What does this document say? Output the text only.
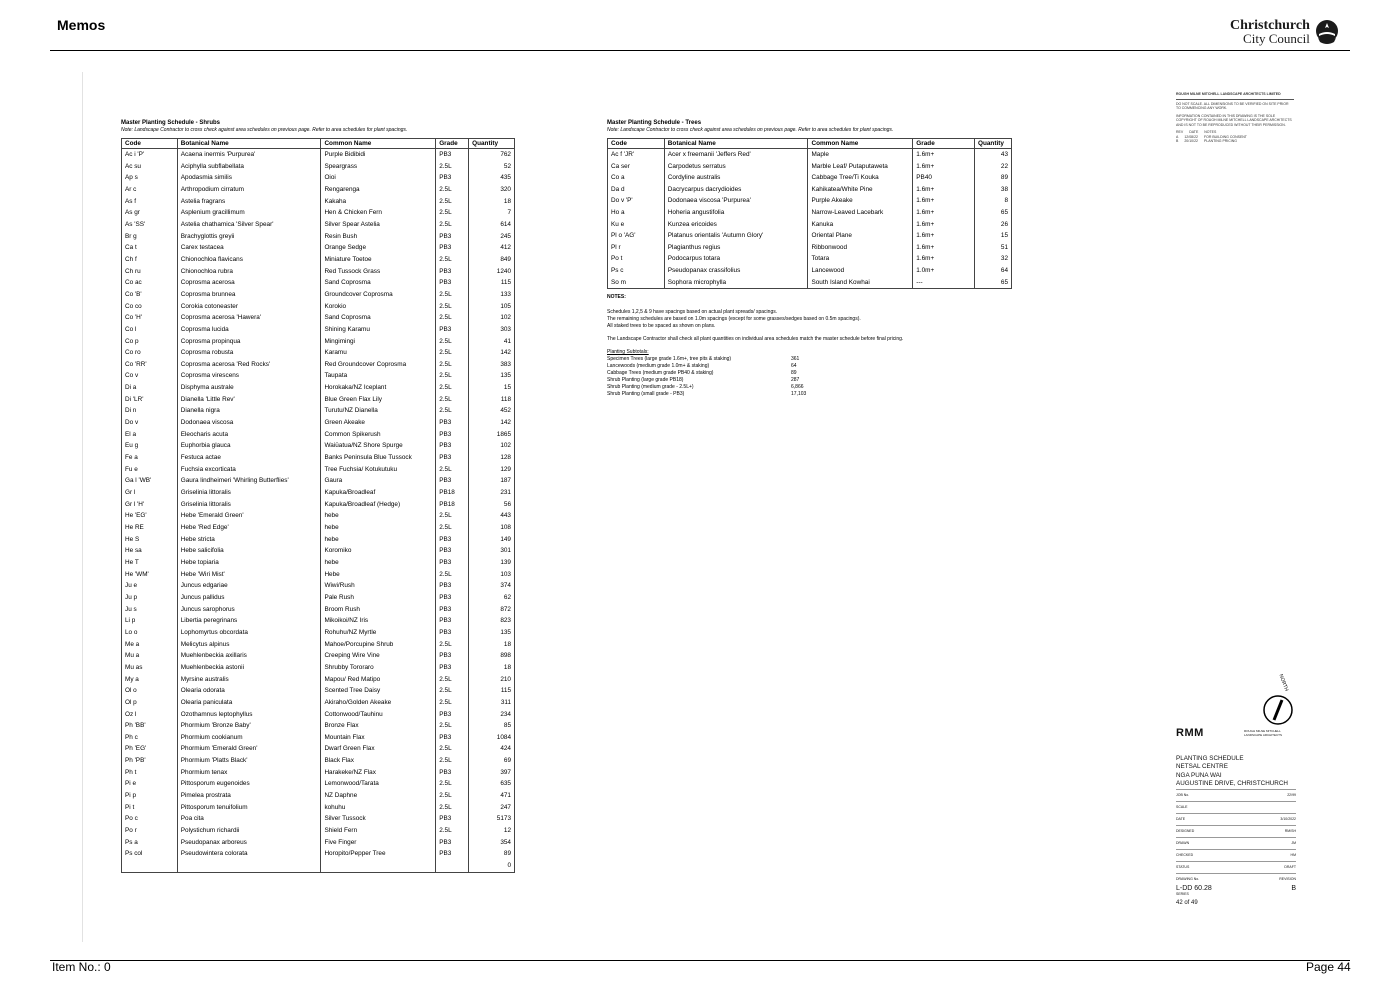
Memos	Christchurch
City Council
Master Planting Schedule - Shrubs
Note: Landscape Contractor to cross check against area schedules on previous page. Refer to area schedules for plant spacings.
Code	Botanical Name	Common Name	Grade	Quantity
Ac i 'P'	Acaena inermis 'Purpurea'	Purple Bidibidi	PB3	762
Ac su	Aciphylla subflabellata	Speargrass	2.5L	52
Ap s	Apodasmia similis	Oioi	PB3	435
Ar c	Arthropodium cirratum	Rengarenga	2.5L	320
As f	Astelia fragrans	Kakaha	2.5L	18
As gr	Asplenium gracillimum	Hen & Chicken Fern	2.5L	7
As 'SS'	Astelia chathamica 'Silver Spear'	Silver Spear Astelia	2.5L	614
Br g	Brachyglottis greyii	Resin Bush	PB3	245
Ca t	Carex testacea	Orange Sedge	PB3	412
Ch f	Chionochloa flavicans	Miniature Toetoe	2.5L	849
Ch ru	Chionochloa rubra	Red Tussock Grass	PB3	1240
Co ac	Coprosma acerosa	Sand Coprosma	PB3	115
Co 'B'	Coprosma brunnea	Groundcover Coprosma	2.5L	133
Co co	Corokia cotoneaster	Korokio	2.5L	105
Co 'H'	Coprosma acerosa 'Hawera'	Sand Coprosma	2.5L	102
Co l	Coprosma lucida	Shining Karamu	PB3	303
Co p	Coprosma propinqua	Mingimingi	2.5L	41
Co ro	Coprosma robusta	Karamu	2.5L	142
Co 'RR'	Coprosma acerosa 'Red Rocks'	Red Groundcover Coprosma	2.5L	383
Co v	Coprosma virescens	Taupata	2.5L	135
Di a	Disphyma australe	Horokaka/NZ Iceplant	2.5L	15
Di 'LR'	Dianella 'Little Rev'	Blue Green Flax Lily	2.5L	118
Di n	Dianella nigra	Turutu/NZ Dianella	2.5L	452
Do v	Dodonaea viscosa	Green Akeake	PB3	142
El a	Eleocharis acuta	Common Spikerush	PB3	1865
Eu g	Euphorbia glauca	Waiūatua/NZ Shore Spurge	PB3	102
Fe a	Festuca actae	Banks Peninsula Blue Tussock	PB3	128
Fu e	Fuchsia excorticata	Tree Fuchsia/ Kotukutuku	2.5L	129
Ga l 'WB'	Gaura lindheimeri 'Whirling Butterflies'	Gaura	PB3	187
Gr l	Griselinia littoralis	Kapuka/Broadleaf	PB18	231
Gr l 'H'	Griselinia littoralis	Kapuka/Broadleaf (Hedge)	PB18	56
He 'EG'	Hebe 'Emerald Green'	hebe	2.5L	443
He RE	Hebe 'Red Edge'	hebe	2.5L	108
He S	Hebe stricta	hebe	PB3	149
He sa	Hebe salicifolia	Koromiko	PB3	301
He T	Hebe topiaria	hebe	PB3	139
He 'WM'	Hebe 'Wiri Mist'	Hebe	2.5L	103
Ju e	Juncus edgariae	Wiwi/Rush	PB3	374
Ju p	Juncus pallidus	Pale Rush	PB3	62
Ju s	Juncus sarophorus	Broom Rush	PB3	872
Li p	Libertia peregrinans	Mikoikoi/NZ Iris	PB3	823
Lo o	Lophomyrtus obcordata	Rohuhu/NZ Myrtle	PB3	135
Me a	Melicytus alpinus	Mahoe/Porcupine Shrub	2.5L	18
Mu a	Muehlenbeckia axillaris	Creeping Wire Vine	PB3	898
Mu as	Muehlenbeckia astonii	Shrubby Tororaro	PB3	18
My a	Myrsine australis	Mapou/ Red Matipo	2.5L	210
Ol o	Olearia odorata	Scented Tree Daisy	2.5L	115
Ol p	Olearia paniculata	Akiraho/Golden Akeake	2.5L	311
Oz l	Ozothamnus leptophyllus	Cottonwood/Tauhinu	PB3	234
Ph 'BB'	Phormium 'Bronze Baby'	Bronze Flax	2.5L	85
Ph c	Phormium cookianum	Mountain Flax	PB3	1084
Ph 'EG'	Phormium 'Emerald Green'	Dwarf Green Flax	2.5L	424
Ph 'PB'	Phormium 'Platts Black'	Black Flax	2.5L	69
Ph t	Phormium tenax	Harakeke/NZ Flax	PB3	397
Pi e	Pittosporum eugenoides	Lemonwood/Tarata	2.5L	635
Pi p	Pimelea prostrata	NZ Daphne	2.5L	471
Pi t	Pittosporum tenuifolium	kohuhu	2.5L	247
Po c	Poa cita	Silver Tussock	PB3	5173
Po r	Polystichum richardii	Shield Fern	2.5L	12
Ps a	Pseudopanax arboreus	Five Finger	PB3	354
Ps col	Pseudowintera colorata	Horopito/Pepper Tree	PB3	89
				0
Master Planting Schedule - Trees
Note: Landscape Contractor to cross check against area schedules on previous page. Refer to area schedules for plant spacings.
Code	Botanical Name	Common Name	Grade	Quantity
Ac f 'JR'	Acer x freemanii 'Jeffers Red'	Maple	1.6m+	43
Ca ser	Carpodetus serratus	Marble Leaf/ Putaputaweta	1.6m+	22
Co a	Cordyline australis	Cabbage Tree/Ti Kouka	PB40	89
Da d	Dacrycarpus dacrydioides	Kahikatea/White Pine	1.6m+	38
Do v 'P'	Dodonaea viscosa 'Purpurea'	Purple Akeake	1.6m+	8
Ho a	Hoheria angustifolia	Narrow-Leaved Lacebark	1.6m+	65
Ku e	Kunzea ericoides	Kanuka	1.6m+	26
Pl o 'AG'	Platanus orientalis 'Autumn Glory'	Oriental Plane	1.6m+	15
Pl r	Plagianthus regius	Ribbonwood	1.6m+	51
Po t	Podocarpus totara	Totara	1.6m+	32
Ps c	Pseudopanax crassifolius	Lancewood	1.0m+	64
So m	Sophora microphylla	South Island Kowhai	---	65
NOTES:
Schedules 1,2,5 & 9 have spacings based on actual plant spreads/ spacings.
The remaining schedules are based on 1.0m spacings (except for some grasses/sedges based on 0.5m spacings).
All staked trees to be spaced as shown on plans.
The Landscape Contractor shall check all plant quantities on individual area schedules match the master schedule before final pricing.
Planting Subtotals:
Specimen Trees (large grade 1.6m+, tree pits & staking)	361
Lancewoods (medium grade 1.0m+ & staking)	64
Cabbage Trees (medium grade PB40 & staking)	89
Shrub Planting (large grade PB18)	287
Shrub Planting (medium grade - 2.5L+)	6,866
Shrub Planting (small grade - PB3)	17,103
ROUGH MILNE MITCHELL LANDSCAPE ARCHITECTS LIMITED
DO NOT SCALE. ALL DIMENSIONS TO BE VERIFIED ON SITE PRIOR TO COMMENCING ANY WORK.
INFORMATION CONTAINED IN THIS DRAWING IS THE SOLE COPYRIGHT OF ROUGH MILNE MITCHELL LANDSCAPE ARCHITECTS AND IS NOT TO BE REPRODUCED WITHOUT THEIR PERMISSION.
REV DATE NOTES
A 12/08/22 FOR BUILDING CONSENT
B 20/10/22 PLANTING PRICING
NORTH
RMM	ROUGH MILNE MITCHELL LANDSCAPE ARCHITECTS
PLANTING SCHEDULE
NETSAL CENTRE
NGA PUNA WAI
AUGUSTINE DRIVE, CHRISTCHURCH
JOB No.	22/99
SCALE
DATE	3/10/2022
DESIGNED	RM/SH
DRAWN	JM
CHECKED	HM
STATUS	DRAFT
DRAWING No.	REVISION
L-DD 60.28	B
SERIES
42 of 49
Item No.: 0	Page 44
